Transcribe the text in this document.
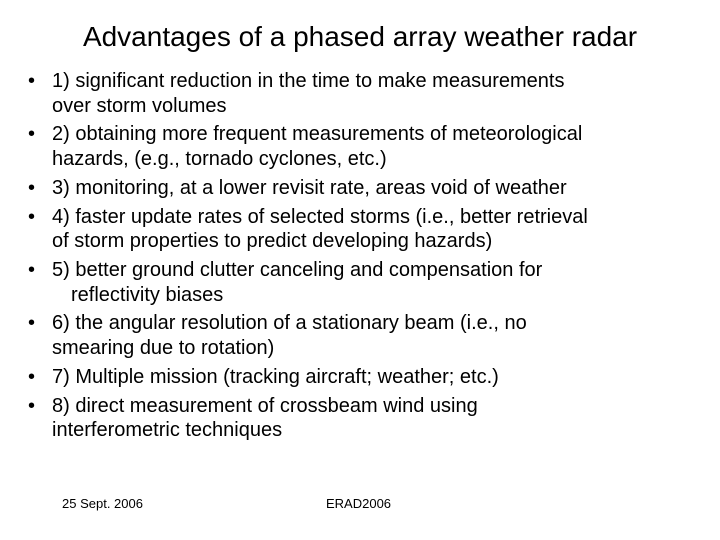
Advantages of a phased array weather radar
• 1) significant reduction in the time to make measurements
over storm volumes
• 2) obtaining more frequent measurements of meteorological
hazards, (e.g., tornado cyclones, etc.)
• 3) monitoring, at a lower revisit rate, areas void of weather
• 4) faster update rates of selected storms (i.e., better retrieval
of storm properties to predict developing hazards)
• 5) better ground clutter canceling and compensation for
reflectivity biases
• 6) the angular resolution of a stationary beam (i.e., no
smearing due to rotation)
• 7) Multiple mission (tracking aircraft; weather; etc.)
• 8) direct measurement of crossbeam wind using
interferometric techniques
25 Sept. 2006	ERAD2006
